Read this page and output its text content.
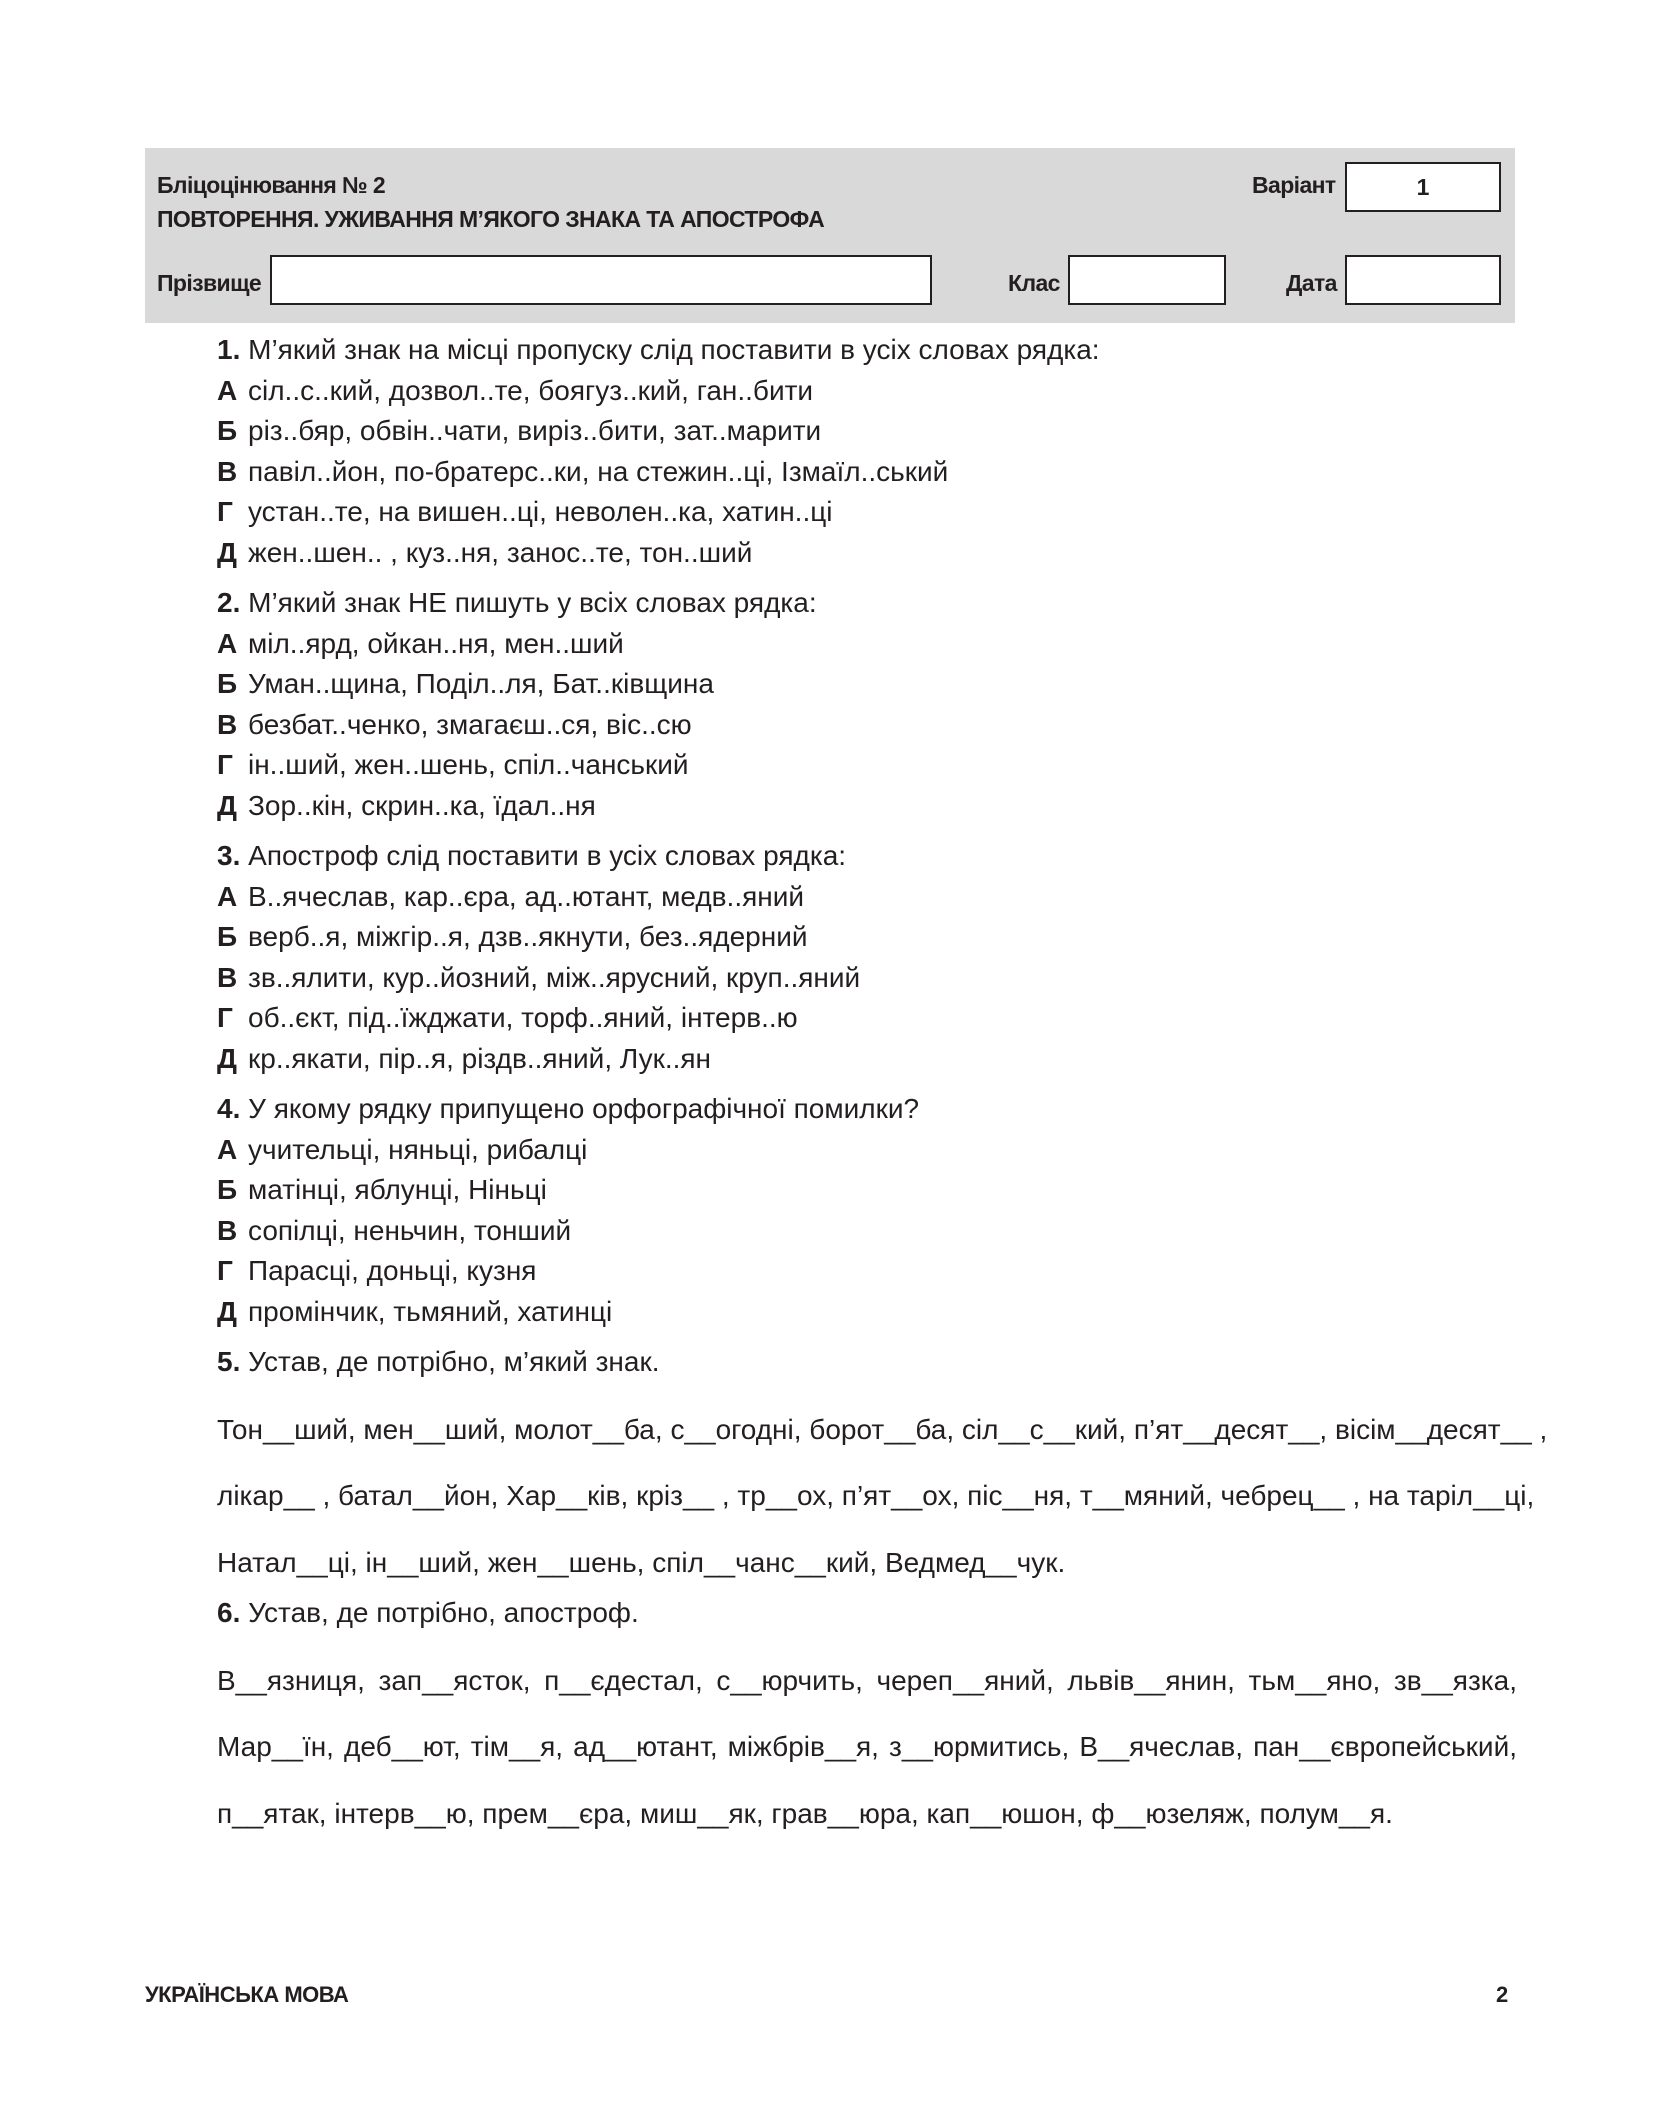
Бліцоцінювання № 2
ПОВТОРЕННЯ. УЖИВАННЯ М’ЯКОГО ЗНАКА ТА АПОСТРОФА
Варіант	1
Прізвище	Клас	Дата
1. М’який знак на місці пропуску слід поставити в усіх словах рядка:
А сіл..с..кий, дозвол..те, боягуз..кий, ган..бити
Б різ..бяр, обвін..чати, виріз..бити, зат..марити
В павіл..йон, по-братерс..ки, на стежин..ці, Ізмаїл..ський
Г устан..те, на вишен..ці, неволен..ка, хатин..ці
Д жен..шен.. , куз..ня, занос..те, тон..ший
2. М’який знак НЕ пишуть у всіх словах рядка:
А міл..ярд, ойкан..ня, мен..ший
Б Уман..щина, Поділ..ля, Бат..ківщина
В безбат..ченко, змагаєш..ся, віс..сю
Г ін..ший, жен..шень, спіл..чанський
Д Зор..кін, скрин..ка, їдал..ня
3. Апостроф слід поставити в усіх словах рядка:
А В..ячеслав, кар..єра, ад..ютант, медв..яний
Б верб..я, міжгір..я, дзв..якнути, без..ядерний
В зв..ялити, кур..йозний, між..ярусний, круп..яний
Г об..єкт, під..їжджати, торф..яний, інтерв..ю
Д кр..якати, пір..я, різдв..яний, Лук..ян
4. У якому рядку припущено орфографічної помилки?
А учительці, няньці, рибалці
Б матінці, яблунці, Ніньці
В сопілці, неньчин, тонший
Г Парасці, доньці, кузня
Д промінчик, тьмяний, хатинці
5. Устав, де потрібно, м’який знак.
Тон__ший, мен__ший, молот__ба, с__огодні, борот__ба, сіл__с__кий, п’ят__десят__, вісім__десят__ ,
лікар__ , батал__йон, Хар__ків, кріз__ , тр__ох, п’ят__ох, піс__ня, т__мяний, чебрец__ , на таріл__ці,
Натал__ці, ін__ший, жен__шень, спіл__чанс__кий, Ведмед__чук.
6. Устав, де потрібно, апостроф.
В__язниця, зап__ясток, п__єдестал, с__юрчить, череп__яний, львів__янин, тьм__яно, зв__язка,
Мар__їн, деб__ют, тім__я, ад__ютант, міжбрів__я, з__юрмитись, В__ячеслав, пан__європейський,
п__ятак, інтерв__ю, прем__єра, миш__як, грав__юра, кап__юшон, ф__юзеляж, полум__я.
УКРАЇНСЬКА МОВА	2
